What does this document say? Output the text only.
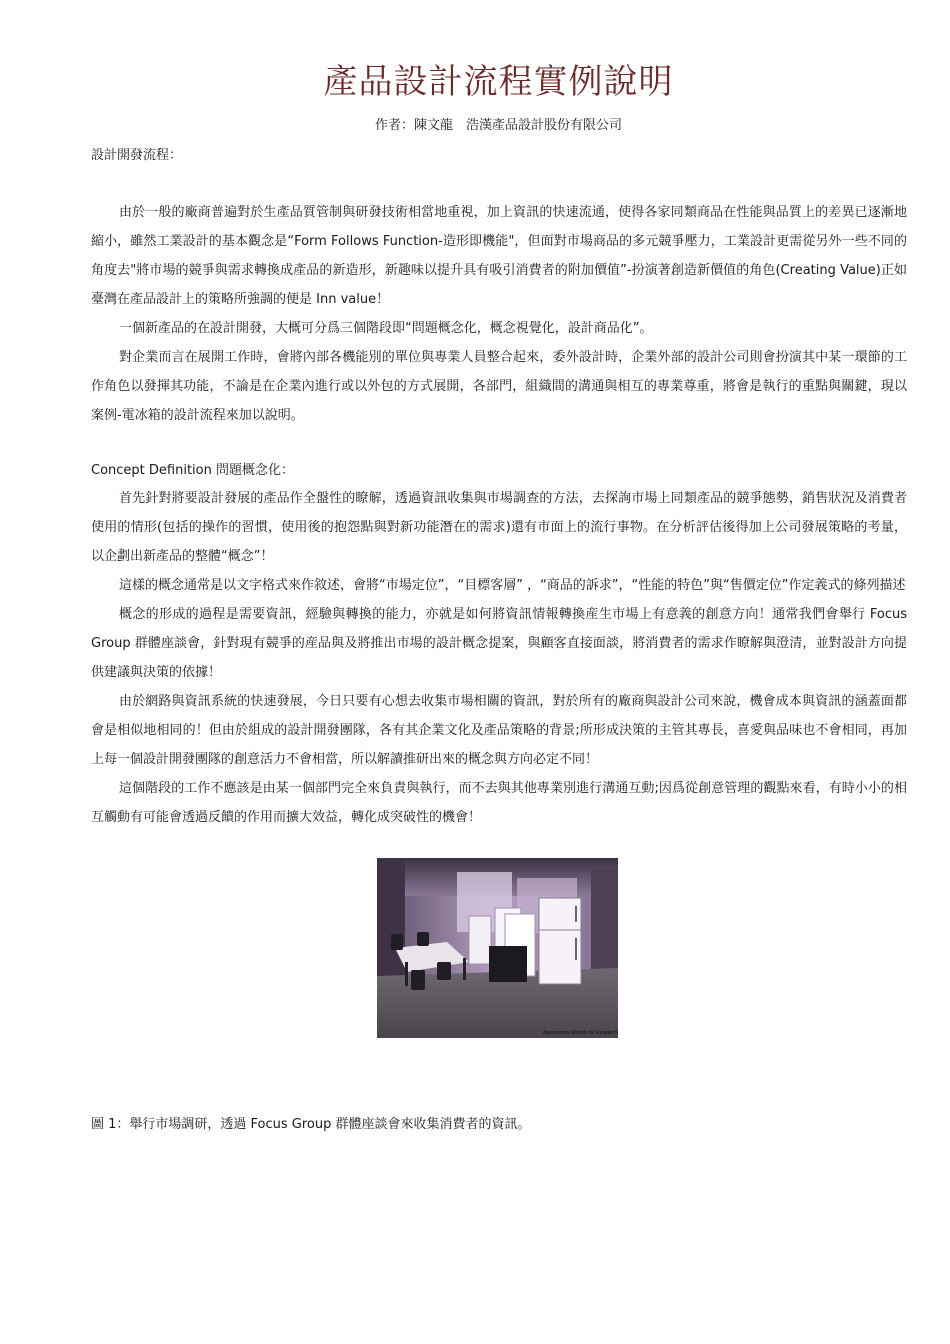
產品設計流程實例說明
作者：陳文龍　浩漢產品設計股份有限公司
設計開發流程：

由於一般的廠商普遍對於生產品質管制與研發技術相當地重視，加上資訊的快速流通，使得各家同類商品在性能與品質上的差異已逐漸地縮小，雖然工業設計的基本觀念是“Form Follows Function-造形即機能"，但面對市場商品的多元競爭壓力，工業設計更需從另外一些不同的角度去"將市場的競爭與需求轉換成產品的新造形，新趣味以提升具有吸引消費者的附加價值”-扮演著創造新價值的角色(Creating Value)正如臺灣在產品設計上的策略所強調的便是 Inn value！

一個新產品的在設計開發，大概可分爲三個階段即“問題概念化，概念視覺化，設計商品化”。

對企業而言在展開工作時，會將內部各機能別的單位與專業人員整合起來，委外設計時，企業外部的設計公司則會扮演其中某一環節的工作角色以發揮其功能，不論是在企業內進行或以外包的方式展開，各部門，組織間的溝通與相互的專業尊重，將會是執行的重點與關鍵，現以案例-電冰箱的設計流程來加以說明。

Concept Definition 問題概念化：

首先針對將要設計發展的產品作全盤性的瞭解，透過資訊收集與市場調查的方法，去探詢市場上同類產品的競爭態勢，銷售狀況及消費者使用的情形(包括的操作的習慣，使用後的抱怨點與對新功能潛在的需求)還有市面上的流行事物。在分析評估後得加上公司發展策略的考量，以企劃出新產品的整體“概念”！

這樣的概念通常是以文字格式來作敘述，會將“市場定位”，“目標客層” ，“商品的訴求”，“性能的特色”與“售價定位”作定義式的條列描述

概念的形成的過程是需要資訊，經驗與轉換的能力，亦就是如何將資訊情報轉換産生市場上有意義的創意方向！通常我們會舉行 Focus Group 群體座談會，針對現有競爭的産品與及將推出市場的設計概念提案，與顧客直接面談，將消費者的需求作瞭解與澄清，並對設計方向提供建議與決策的依據！

由於網路與資訊系統的快速發展，今日只要有心想去收集市場相關的資訊，對於所有的廠商與設計公司來說，機會成本與資訊的涵蓋面都會是相似地相同的！但由於組成的設計開發團隊，各有其企業文化及產品策略的背景;所形成決策的主管其專長，喜愛與品味也不會相同，再加上每一個設計開發團隊的創意活力不會相當，所以解讀推研出來的概念與方向必定不同！

這個階段的工作不應該是由某一個部門完全來負責與執行，而不去與其他專業別進行溝通互動;因爲從創意管理的觀點來看，有時小小的相互觸動有可能會透過反饋的作用而擴大效益，轉化成突破性的機會！

Appearance Models for Research
圖 1：舉行市場調研，透過 Focus Group 群體座談會來收集消費者的資訊。
